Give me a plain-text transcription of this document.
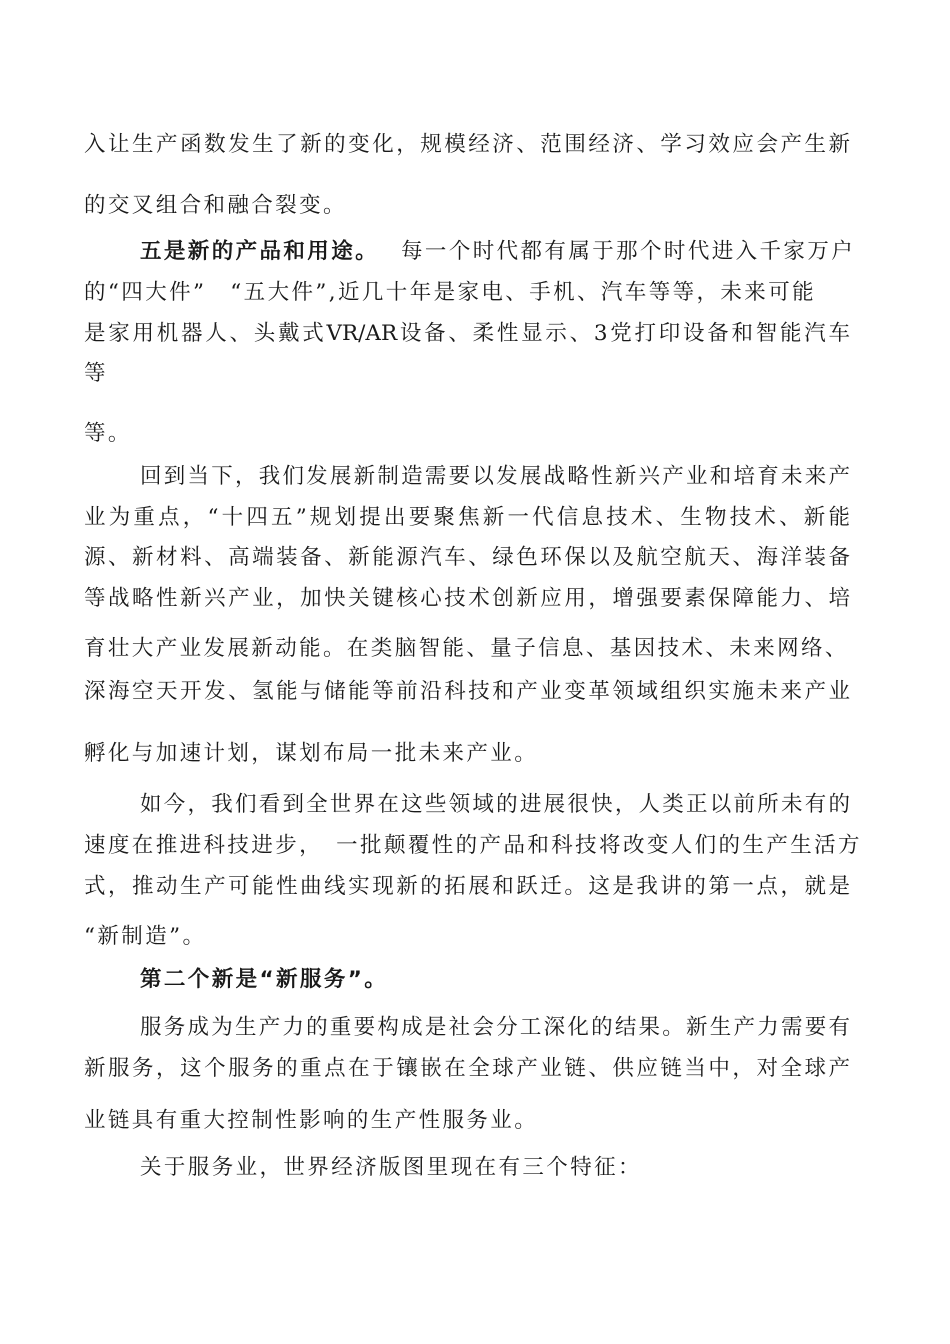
入让生产函数发生了新的变化，规模经济、范围经济、学习效应会产生新
的交叉组合和融合裂变。
五是新的产品和用途。 每一个时代都有属于那个时代进入千家万户
的“四大件”　“五大件”,近几十年是家电、手机、汽车等等，未来可能
是家用机器人、头戴式VR/AR设备、柔性显示、3党打印设备和智能汽车
等
等。
回到当下，我们发展新制造需要以发展战略性新兴产业和培育未来产
业为重点，“十四五”规划提出要聚焦新一代信息技术、生物技术、新能
源、新材料、高端装备、新能源汽车、绿色环保以及航空航天、海洋装备
等战略性新兴产业，加快关键核心技术创新应用，增强要素保障能力、培
育壮大产业发展新动能。在类脑智能、量子信息、基因技术、未来网络、
深海空天开发、氢能与储能等前沿科技和产业变革领域组织实施未来产业
孵化与加速计划，谋划布局一批未来产业。
如今，我们看到全世界在这些领域的进展很快，人类正以前所未有的
速度在推进科技进步，　一批颠覆性的产品和科技将改变人们的生产生活方
式，推动生产可能性曲线实现新的拓展和跃迁。这是我讲的第一点，就是
“新制造”。
第二个新是“新服务”。
服务成为生产力的重要构成是社会分工深化的结果。新生产力需要有
新服务，这个服务的重点在于镶嵌在全球产业链、供应链当中，对全球产
业链具有重大控制性影响的生产性服务业。
关于服务业，世界经济版图里现在有三个特征：
